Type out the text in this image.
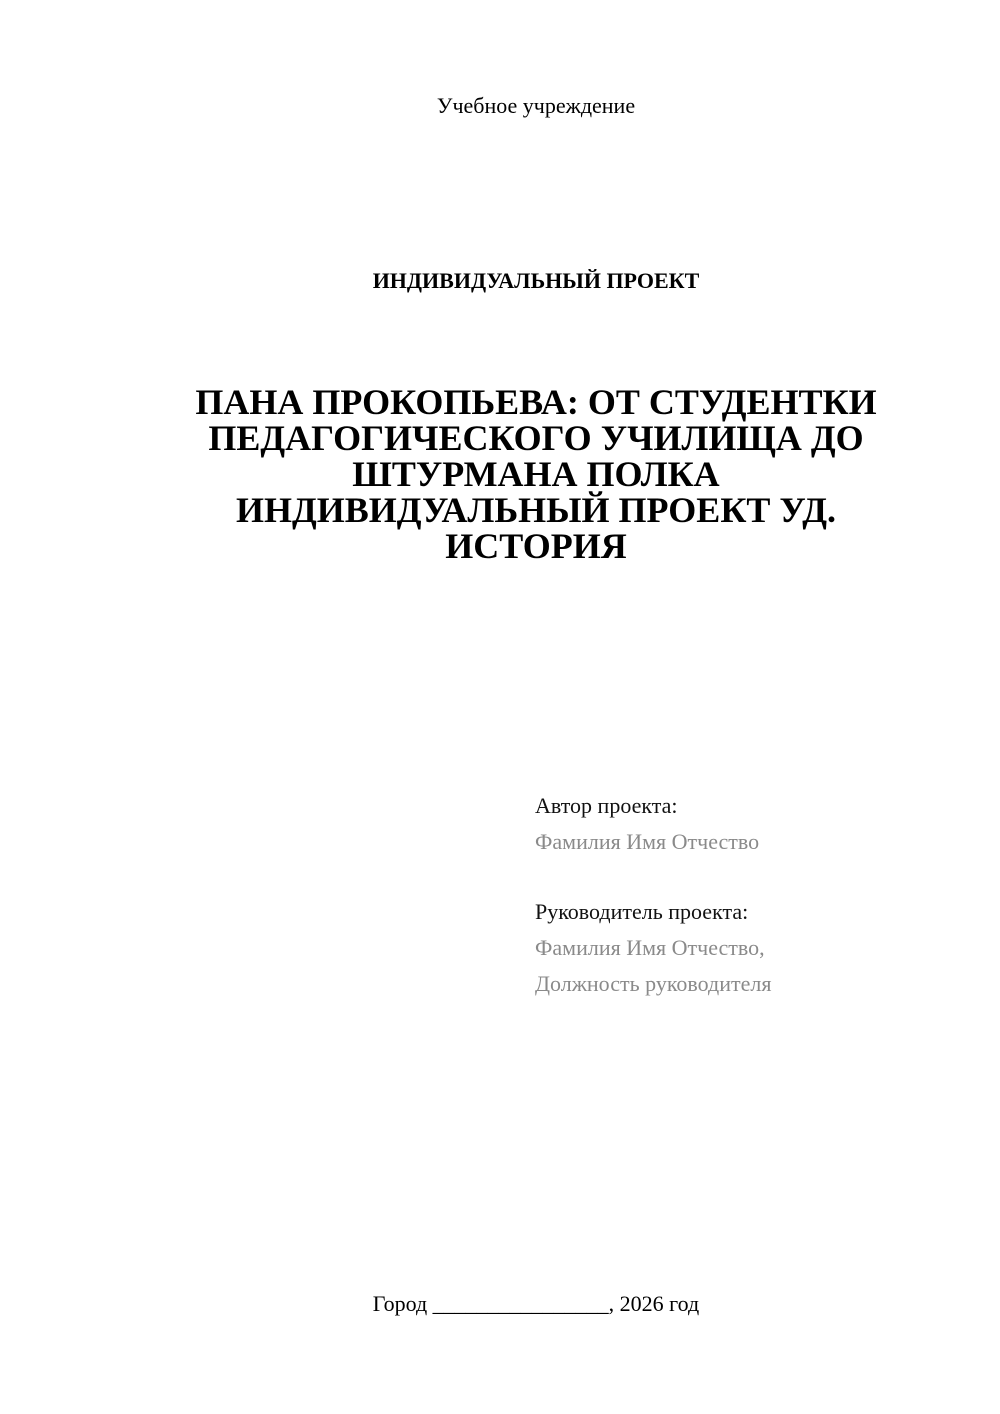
Учебное учреждение
ИНДИВИДУАЛЬНЫЙ ПРОЕКТ
ПАНА ПРОКОПЬЕВА: ОТ СТУДЕНТКИ
ПЕДАГОГИЧЕСКОГО УЧИЛИЩА ДО
ШТУРМАНА ПОЛКА
ИНДИВИДУАЛЬНЫЙ ПРОЕКТ УД.
ИСТОРИЯ
Автор проекта:
Фамилия Имя Отчество
Руководитель проекта:
Фамилия Имя Отчество,
Должность руководителя
Город ________________, 2026 год
